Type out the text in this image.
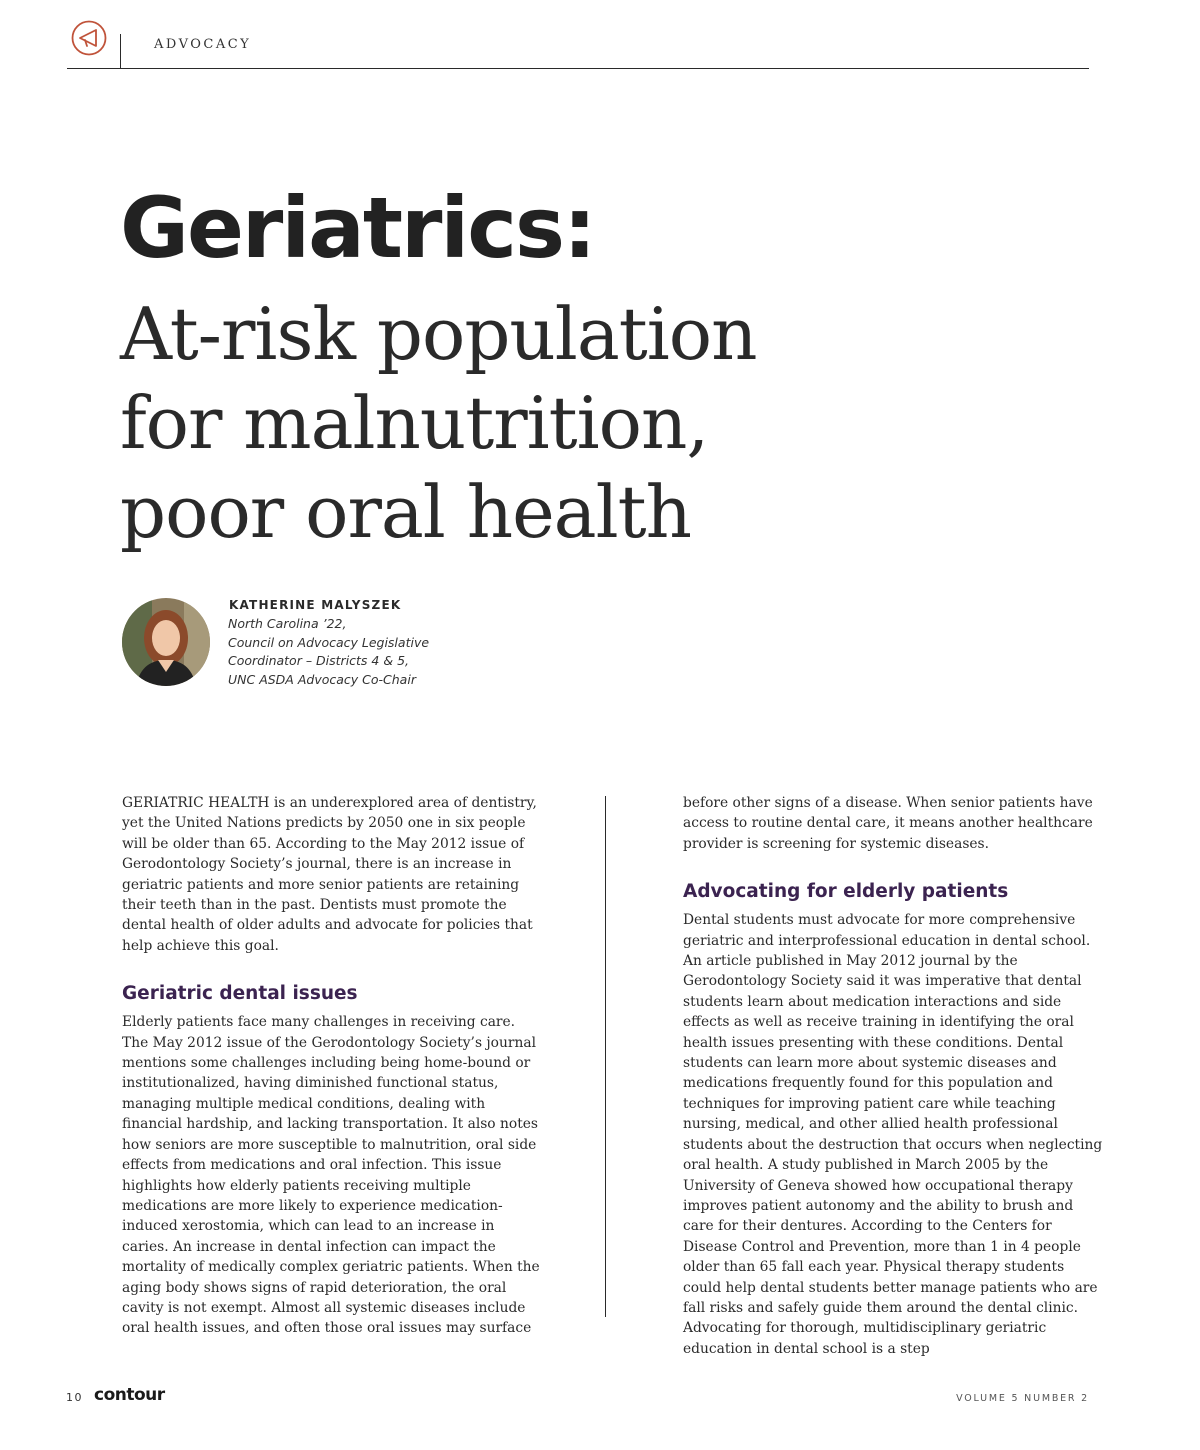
ADVOCACY
Geriatrics:
At-risk population
for malnutrition,
poor oral health
KATHERINE MALYSZEK
North Carolina ’22,
Council on Advocacy Legislative
Coordinator – Districts 4 & 5,
UNC ASDA Advocacy Co-Chair

GERIATRIC HEALTH is an underexplored area of dentistry, yet the United Nations predicts by 2050 one in six people will be older than 65. According to the May 2012 issue of Gerodontology Society’s journal, there is an increase in geriatric patients and more senior patients are retaining their teeth than in the past. Dentists must promote the dental health of older adults and advocate for policies that help achieve this goal.

Geriatric dental issues

Elderly patients face many challenges in receiving care. The May 2012 issue of the Gerodontology Society’s journal mentions some challenges including being home-bound or institutionalized, having diminished functional status, managing multiple medical conditions, dealing with financial hardship, and lacking transportation. It also notes how seniors are more susceptible to malnutrition, oral side effects from medications and oral infection. This issue highlights how elderly patients receiving multiple medications are more likely to experience medication-induced xerostomia, which can lead to an increase in caries. An increase in dental infection can impact the mortality of medically complex geriatric patients. When the aging body shows signs of rapid deterioration, the oral cavity is not exempt. Almost all systemic diseases include oral health issues, and often those oral issues may surface

before other signs of a disease. When senior patients have access to routine dental care, it means another healthcare provider is screening for systemic diseases.

Advocating for elderly patients

Dental students must advocate for more comprehensive geriatric and interprofessional education in dental school. An article published in May 2012 journal by the Gerodontology Society said it was imperative that dental students learn about medication interactions and side effects as well as receive training in identifying the oral health issues presenting with these conditions. Dental students can learn more about systemic diseases and medications frequently found for this population and techniques for improving patient care while teaching nursing, medical, and other allied health professional students about the destruction that occurs when neglecting oral health. A study published in March 2005 by the University of Geneva showed how occupational therapy improves patient autonomy and the ability to brush and care for their dentures. According to the Centers for Disease Control and Prevention, more than 1 in 4 people older than 65 fall each year. Physical therapy students could help dental students better manage patients who are fall risks and safely guide them around the dental clinic. Advocating for thorough, multidisciplinary geriatric education in dental school is a step

10 contour	VOLUME 5 NUMBER 2
